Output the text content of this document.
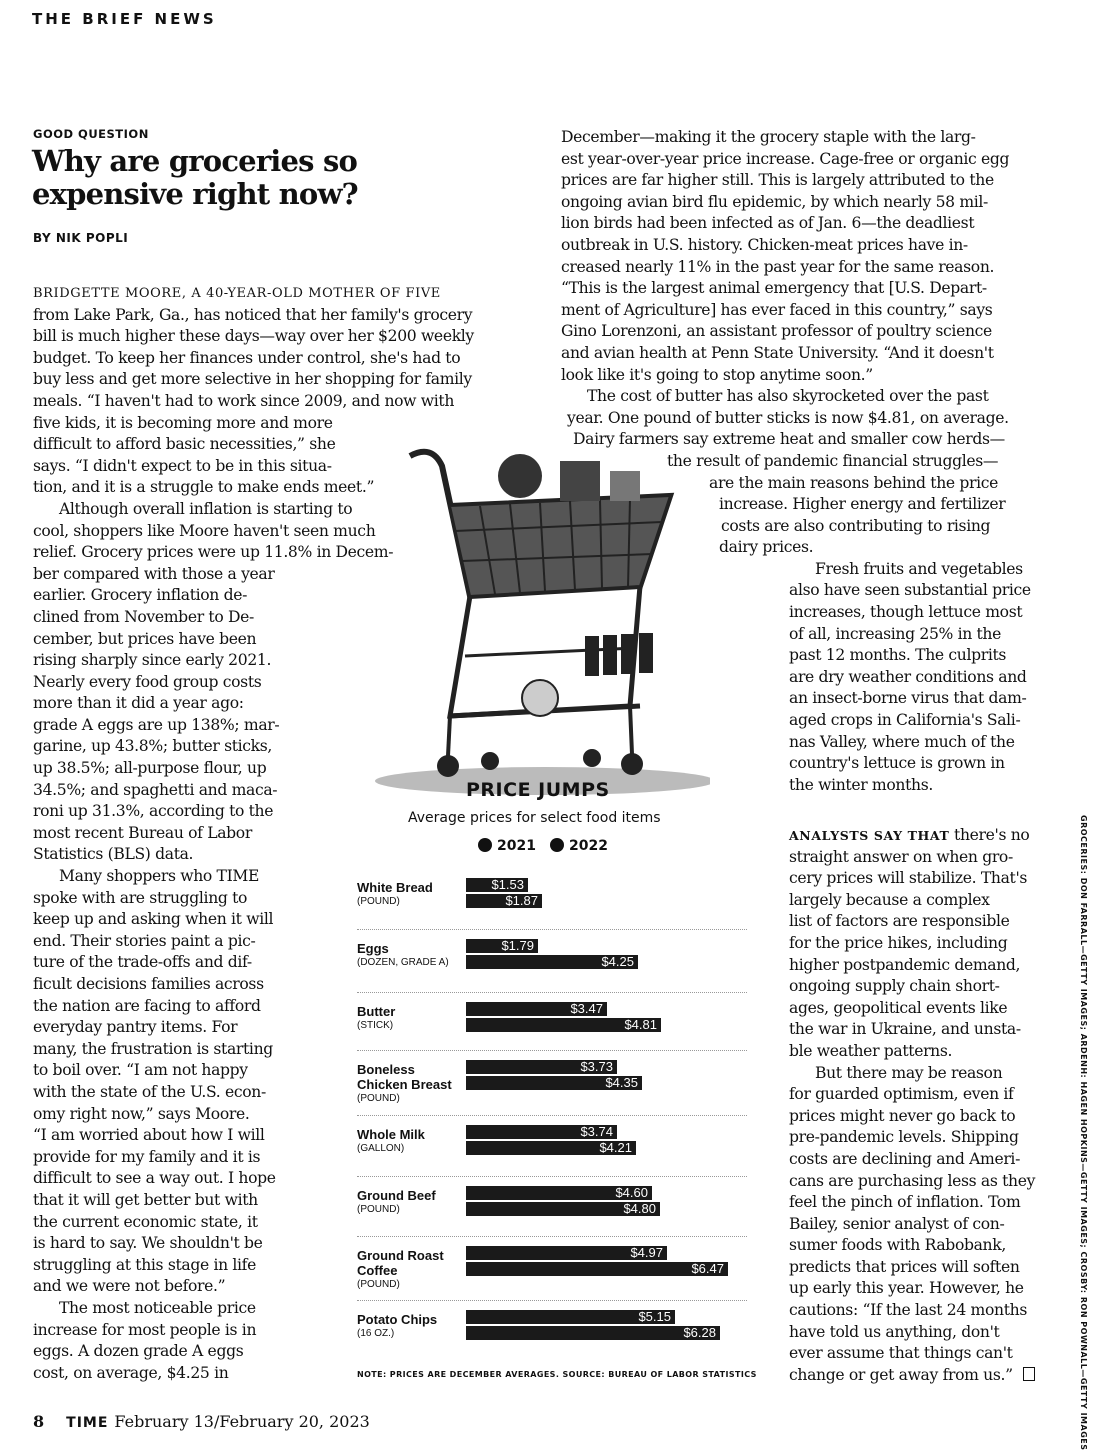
THE BRIEF NEWS
GOOD QUESTION
Why are groceries so expensive right now?
BY NIK POPLI
BRIDGETTE MOORE, A 40-YEAR-OLD MOTHER OF FIVE
from Lake Park, Ga., has noticed that her family's grocery
bill is much higher these days—way over her $200 weekly
budget. To keep her finances under control, she's had to
buy less and get more selective in her shopping for family
meals. “I haven't had to work since 2009, and now with
five kids, it is becoming more and more
difficult to afford basic necessities,” she
says. “I didn't expect to be in this situa-
tion, and it is a struggle to make ends meet.”
Although overall inflation is starting to
cool, shoppers like Moore haven't seen much
relief. Grocery prices were up 11.8% in Decem-
ber compared with those a year
earlier. Grocery inflation de-
clined from November to De-
cember, but prices have been
rising sharply since early 2021.
Nearly every food group costs
more than it did a year ago:
grade A eggs are up 138%; mar-
garine, up 43.8%; butter sticks,
up 38.5%; all-purpose flour, up
34.5%; and spaghetti and maca-
roni up 31.3%, according to the
most recent Bureau of Labor
Statistics (BLS) data.
Many shoppers who TIME
spoke with are struggling to
keep up and asking when it will
end. Their stories paint a pic-
ture of the trade-offs and dif-
ficult decisions families across
the nation are facing to afford
everyday pantry items. For
many, the frustration is starting
to boil over. “I am not happy
with the state of the U.S. econ-
omy right now,” says Moore.
“I am worried about how I will
provide for my family and it is
difficult to see a way out. I hope
that it will get better but with
the current economic state, it
is hard to say. We shouldn't be
struggling at this stage in life
and we were not before.”
The most noticeable price
increase for most people is in
eggs. A dozen grade A eggs
cost, on average, $4.25 in
December—making it the grocery staple with the larg-
est year-over-year price increase. Cage-free or organic egg
prices are far higher still. This is largely attributed to the
ongoing avian bird flu epidemic, by which nearly 58 mil-
lion birds had been infected as of Jan. 6—the deadliest
outbreak in U.S. history. Chicken-meat prices have in-
creased nearly 11% in the past year for the same reason.
“This is the largest animal emergency that [U.S. Depart-
ment of Agriculture] has ever faced in this country,” says
Gino Lorenzoni, an assistant professor of poultry science
and avian health at Penn State University. “And it doesn't
look like it's going to stop anytime soon.”
The cost of butter has also skyrocketed over the past
year. One pound of butter sticks is now $4.81, on average.
Dairy farmers say extreme heat and smaller cow herds—
the result of pandemic financial struggles—
are the main reasons behind the price
increase. Higher energy and fertilizer
costs are also contributing to rising
dairy prices.
Fresh fruits and vegetables
also have seen substantial price
increases, though lettuce most
of all, increasing 25% in the
past 12 months. The culprits
are dry weather conditions and
an insect-borne virus that dam-
aged crops in California's Sali-
nas Valley, where much of the
country's lettuce is grown in
the winter months.
ANALYSTS SAY THAT there's no
straight answer on when gro-
cery prices will stabilize. That's
largely because a complex
list of factors are responsible
for the price hikes, including
higher postpandemic demand,
ongoing supply chain short-
ages, geopolitical events like
the war in Ukraine, and unsta-
ble weather patterns.
But there may be reason
for guarded optimism, even if
prices might never go back to
pre-pandemic levels. Shipping
costs are declining and Ameri-
cans are purchasing less as they
feel the pinch of inflation. Tom
Bailey, senior analyst of con-
sumer foods with Rabobank,
predicts that prices will soften
up early this year. However, he
cautions: “If the last 24 months
have told us anything, don't
ever assume that things can't
change or get away from us.”
PRICE JUMPS
Average prices for select food items
2021	2022
White Bread
(POUND)
$1.53
$1.87
Eggs
(DOZEN, GRADE A)
$1.79
$4.25
Butter
(STICK)
$3.47
$4.81
Boneless Chicken Breast
(POUND)
$3.73
$4.35
Whole Milk
(GALLON)
$3.74
$4.21
Ground Beef
(POUND)
$4.60
$4.80
Ground Roast Coffee
(POUND)
$4.97
$6.47
Potato Chips
(16 OZ.)
$5.15
$6.28
NOTE: PRICES ARE DECEMBER AVERAGES. SOURCE: BUREAU OF LABOR STATISTICS	GROCERIES: DON FARRALL—GETTY IMAGES; ARDENH: HAGEN HOPKINS—GETTY IMAGES; CROSBY: RON POWNALL—GETTY IMAGES
8 TIME February 13/February 20, 2023
